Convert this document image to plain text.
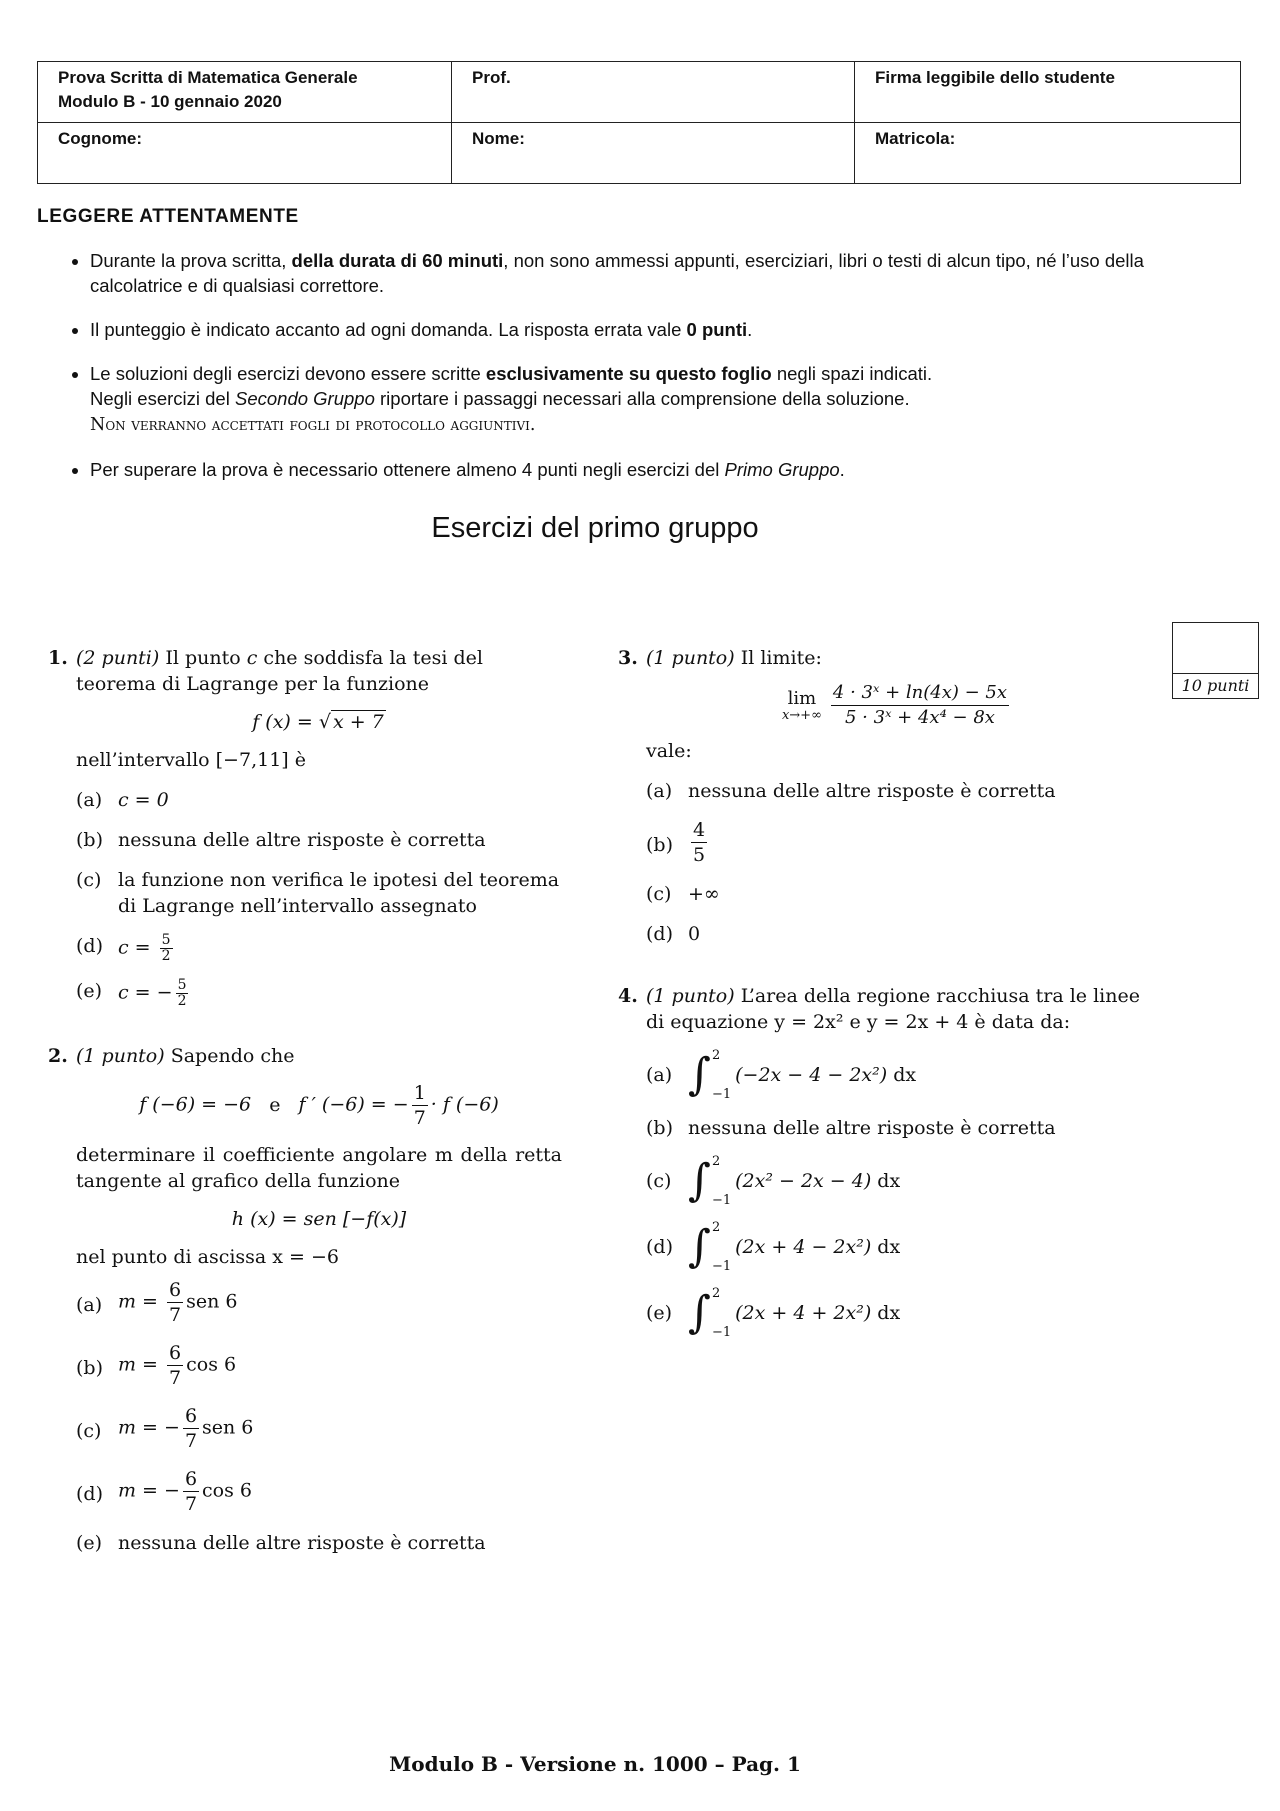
Prova Scritta di Matematica Generale
Modulo B - 10 gennaio 2020	Prof.	Firma leggibile dello studente
Cognome:	Nome:	Matricola:
LEGGERE ATTENTAMENTE
• Durante la prova scritta, della durata di 60 minuti, non sono ammessi appunti, eserciziari, libri o testi di alcun tipo, né l’uso della calcolatrice e di qualsiasi correttore.
• Il punteggio è indicato accanto ad ogni domanda. La risposta errata vale 0 punti.
• Le soluzioni degli esercizi devono essere scritte esclusivamente su questo foglio negli spazi indicati.
Negli esercizi del Secondo Gruppo riportare i passaggi necessari alla comprensione della soluzione.
Non verranno accettati fogli di protocollo aggiuntivi.
• Per superare la prova è necessario ottenere almeno 4 punti negli esercizi del Primo Gruppo.
Esercizi del primo gruppo
10 punti
1. (2 punti) Il punto c che soddisfa la tesi del teorema di Lagrange per la funzione
f (x) = √ x + 7
nell’intervallo [−7,11] è
(a) c = 0
(b) nessuna delle altre risposte è corretta
(c) la funzione non verifica le ipotesi del teorema di Lagrange nell’intervallo assegnato
(d) $c = \frac{5}{2}$
(e) c = − $\frac{5}{2}$
2. (1 punto) Sapendo che
f (−6) = −6 e f ′ (−6) = − $\frac{1}{7} \cdot f$ (−6)
determinare il coefficiente angolare m della retta tangente al grafico della funzione
h (x) = sen [−f(x)]
nel punto di ascissa x = −6
(a) $m = \frac{6}{7}$ sen 6
(b) $m = \frac{6}{7}$ cos 6
(c) m = − $\frac{6}{7}$ sen 6
(d) m = − $\frac{6}{7}$ cos 6
(e) nessuna delle altre risposte è corretta
3. (1 punto) Il limite:
lim
$x\to+\infty \frac{\text{4 · 3ˣ + ln(4x) − 5x}}{\text{5 · 3ˣ + 4x⁴ − 8x}}$
vale:
(a) nessuna delle altre risposte è corretta
$(b) \frac{4}{5}$
(c) +∞
(d) 0
4. (1 punto) L’area della regione racchiusa tra le linee di equazione y = 2x² e y = 2x + 4 è data da:
(a) ∫ 2
−1
(−2x − 4 − 2x²)
dx
(b) nessuna delle altre risposte è corretta
(c) ∫ 2
−1
(2x² − 2x − 4)
dx
(d) ∫ 2
−1
(2x + 4 − 2x²)
dx
(e) ∫ 2
−1
(2x + 4 + 2x²)
dx
Modulo B - Versione n. 1000 – Pag. 1
